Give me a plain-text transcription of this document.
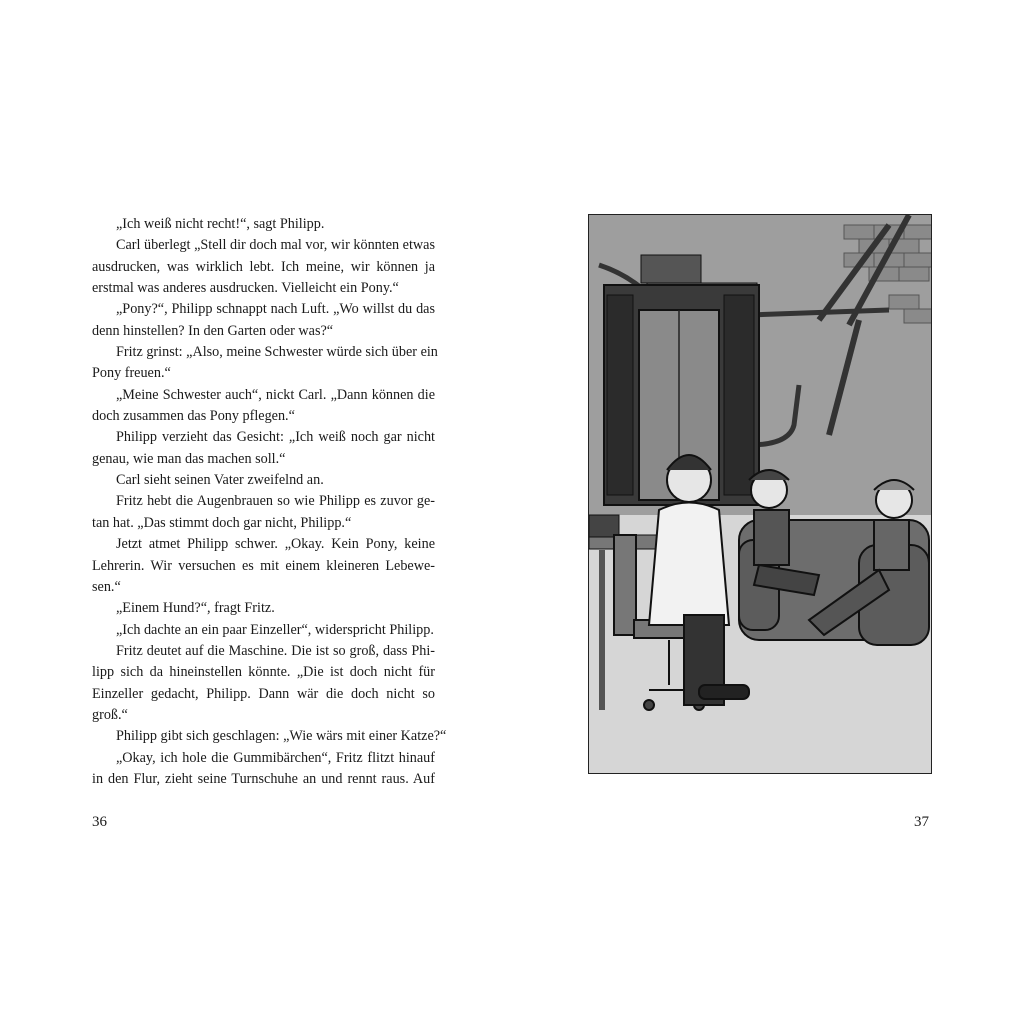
„Ich weiß nicht recht!“, sagt Philipp.
Carl überlegt „Stell dir doch mal vor, wir könnten etwas
ausdrucken, was wirklich lebt. Ich meine, wir können ja
erstmal was anderes ausdrucken. Vielleicht ein Pony.“
„Pony?“, Philipp schnappt nach Luft. „Wo willst du das
denn hinstellen? In den Garten oder was?“
Fritz grinst: „Also, meine Schwester würde sich über ein
Pony freuen.“
„Meine Schwester auch“, nickt Carl. „Dann können die
doch zusammen das Pony pflegen.“
Philipp verzieht das Gesicht: „Ich weiß noch gar nicht
genau, wie man das machen soll.“
Carl sieht seinen Vater zweifelnd an.
Fritz hebt die Augenbrauen so wie Philipp es zuvor ge-
tan hat. „Das stimmt doch gar nicht, Philipp.“
Jetzt atmet Philipp schwer. „Okay. Kein Pony, keine
Lehrerin. Wir versuchen es mit einem kleineren Lebewe-
sen.“
„Einem Hund?“, fragt Fritz.
„Ich dachte an ein paar Einzeller“, widerspricht Philipp.
Fritz deutet auf die Maschine. Die ist so groß, dass Phi-
lipp sich da hineinstellen könnte. „Die ist doch nicht für
Einzeller gedacht, Philipp. Dann wär die doch nicht so
groß.“
Philipp gibt sich geschlagen: „Wie wärs mit einer Katze?“
„Okay, ich hole die Gummibärchen“, Fritz flitzt hinauf
in den Flur, zieht seine Turnschuhe an und rennt raus. Auf
36	37
